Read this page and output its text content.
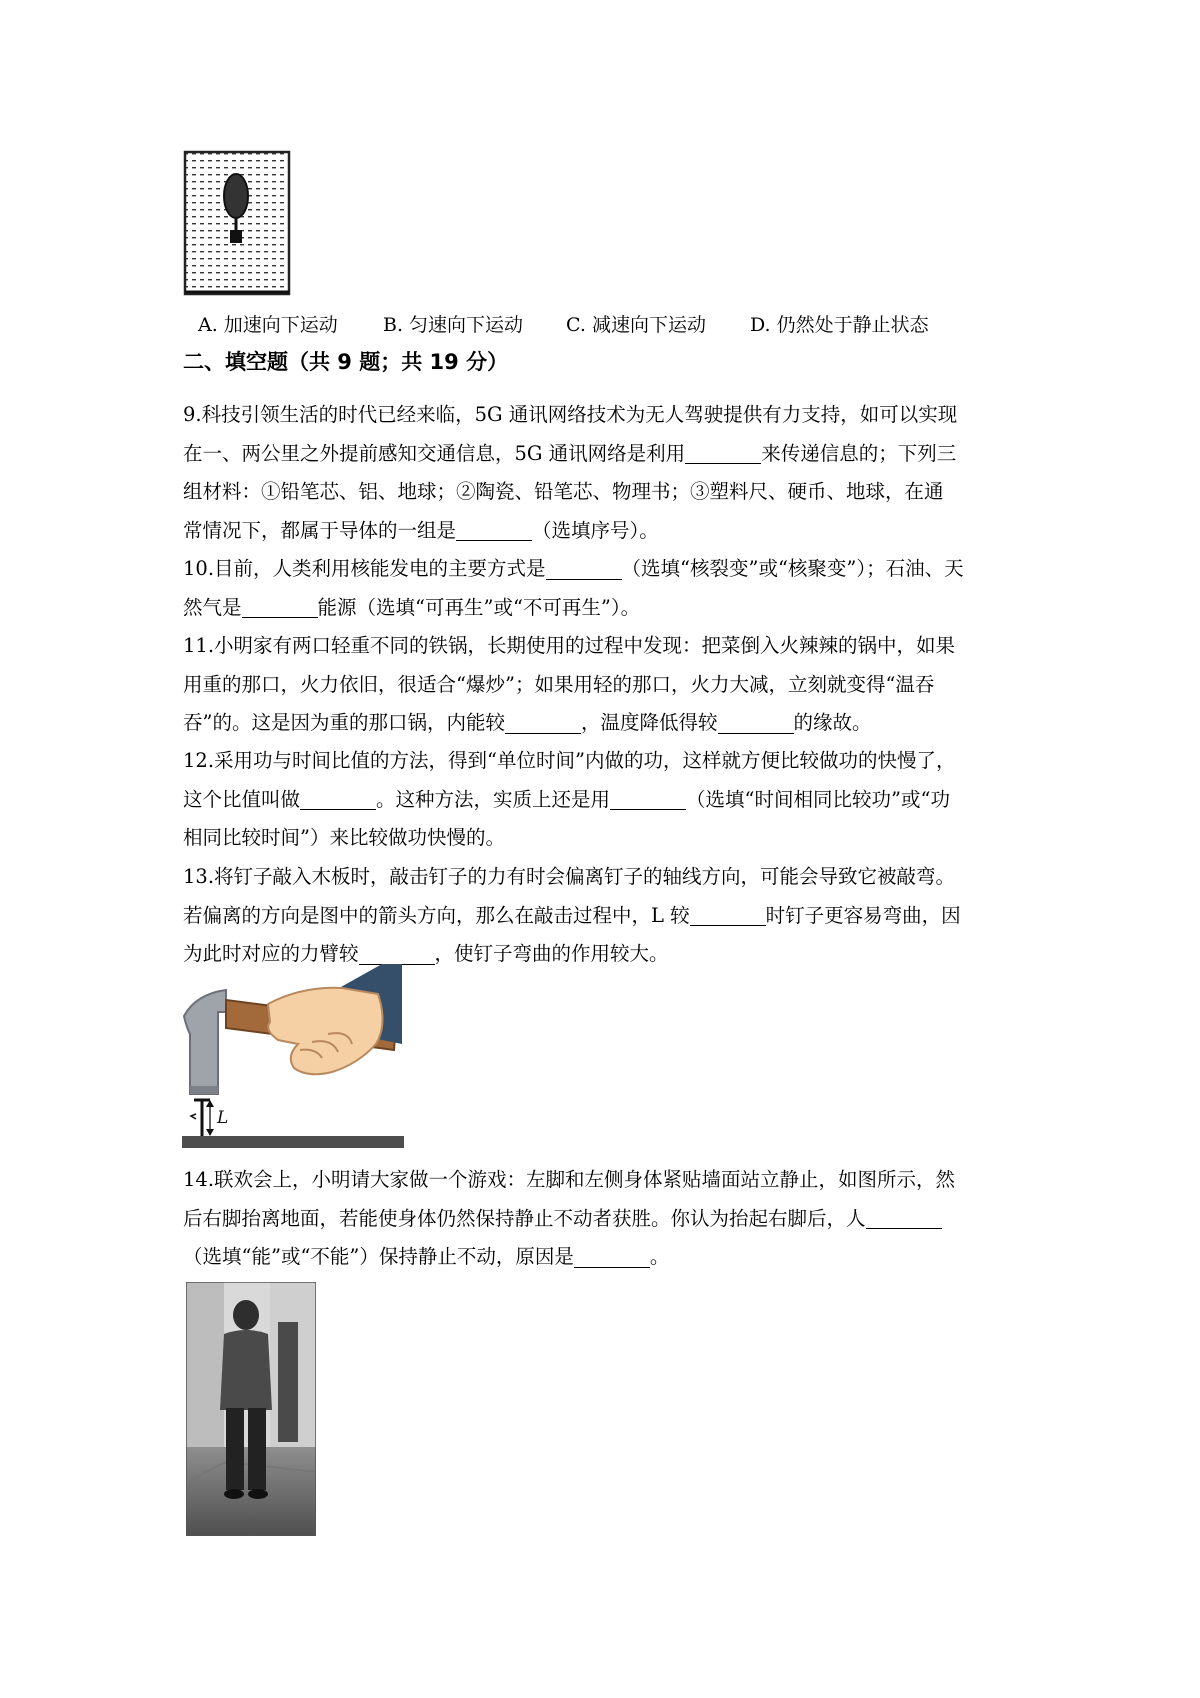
A. 加速向下运动 B. 匀速向下运动 C. 减速向下运动 D. 仍然处于静止状态
二、填空题（共 9 题；共 19 分）

9.科技引领生活的时代已经来临，5G 通讯网络技术为无人驾驶提供有力支持，如可以实现

在一、两公里之外提前感知交通信息，5G 通讯网络是利用	来传递信息的；下列三

组材料：①铅笔芯、铝、地球；②陶瓷、铅笔芯、物理书；③塑料尺、硬币、地球，在通

常情况下，都属于导体的一组是	（选填序号）。

10.目前，人类利用核能发电的主要方式是	（选填“核裂变”或“核聚变”）；石油、天

然气是	能源（选填“可再生”或“不可再生”）。

11.小明家有两口轻重不同的铁锅，长期使用的过程中发现：把菜倒入火辣辣的锅中，如果

用重的那口，火力依旧，很适合“爆炒”；如果用轻的那口，火力大减，立刻就变得“温吞

吞”的。这是因为重的那口锅，内能较	，温度降低得较	的缘故。

12.采用功与时间比值的方法，得到“单位时间”内做的功，这样就方便比较做功的快慢了，

这个比值叫做	。这种方法，实质上还是用	（选填“时间相同比较功”或“功

相同比较时间”）来比较做功快慢的。

13.将钉子敲入木板时，敲击钉子的力有时会偏离钉子的轴线方向，可能会导致它被敲弯。

若偏离的方向是图中的箭头方向，那么在敲击过程中，L 较	时钉子更容易弯曲，因

为此时对应的力臂较	，使钉子弯曲的作用较大。

L

14.联欢会上，小明请大家做一个游戏：左脚和左侧身体紧贴墙面站立静止，如图所示，然

后右脚抬离地面，若能使身体仍然保持静止不动者获胜。你认为抬起右脚后，人

（选填“能”或“不能”）保持静止不动，原因是	。
